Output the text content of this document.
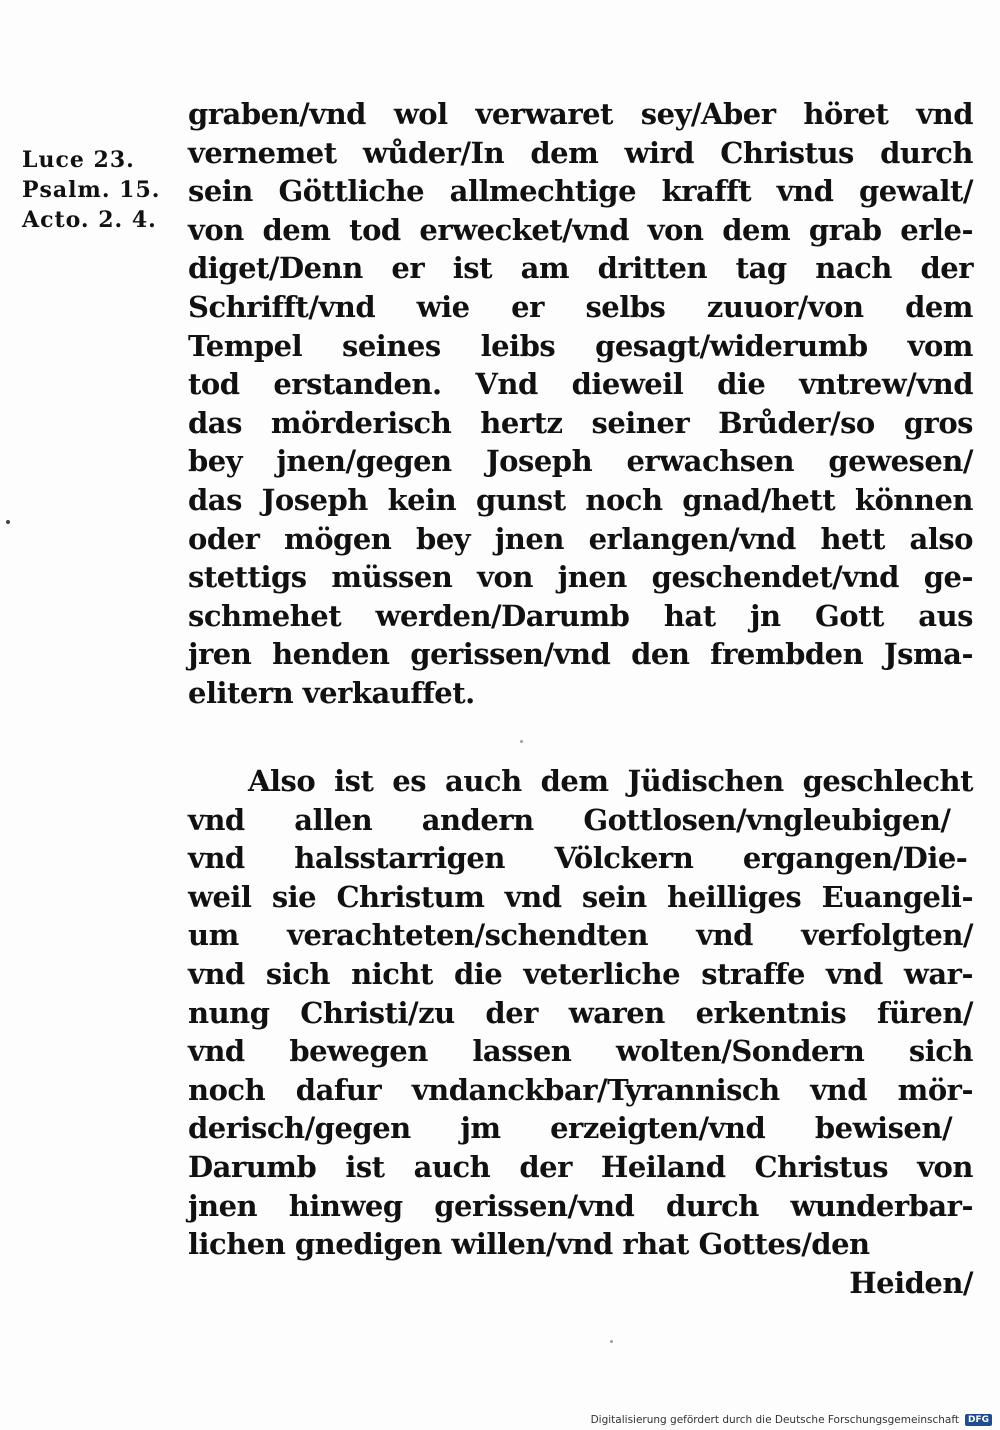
Luce 23.
Psalm. 15.
Acto. 2. 4.
graben/vnd wol verwaret sey/Aber höret vnd
vernemet wůder/In dem wird Christus durch
sein Göttliche allmechtige krafft vnd gewalt/
von dem tod erwecket/vnd von dem grab erle-
diget/Denn er ist am dritten tag nach der
Schrifft/vnd wie er selbs zuuor/von dem
Tempel seines leibs gesagt/widerumb vom
tod erstanden. Vnd dieweil die vntrew/vnd
das mörderisch hertz seiner Brůder/so gros
bey jnen/gegen Joseph erwachsen gewesen/
das Joseph kein gunst noch gnad/hett können
oder mögen bey jnen erlangen/vnd hett also
stettigs müssen von jnen geschendet/vnd ge-
schmehet werden/Darumb hat jn Gott aus
jren henden gerissen/vnd den frembden Jsma-
elitern verkauffet.
Also ist es auch dem Jüdischen geschlecht
vnd allen andern Gottlosen/vngleubigen/
vnd halsstarrigen Völckern ergangen/Die-
weil sie Christum vnd sein heilliges Euangeli-
um verachteten/schendten vnd verfolgten/
vnd sich nicht die veterliche straffe vnd war-
nung Christi/zu der waren erkentnis füren/
vnd bewegen lassen wolten/Sondern sich
noch dafur vndanckbar/Tyrannisch vnd mör-
derisch/gegen jm erzeigten/vnd bewisen/
Darumb ist auch der Heiland Christus von
jnen hinweg gerissen/vnd durch wunderbar-
lichen gnedigen willen/vnd rhat Gottes/den
Heiden/
Digitalisierung gefördert durch die Deutsche Forschungsgemeinschaft	DFG
